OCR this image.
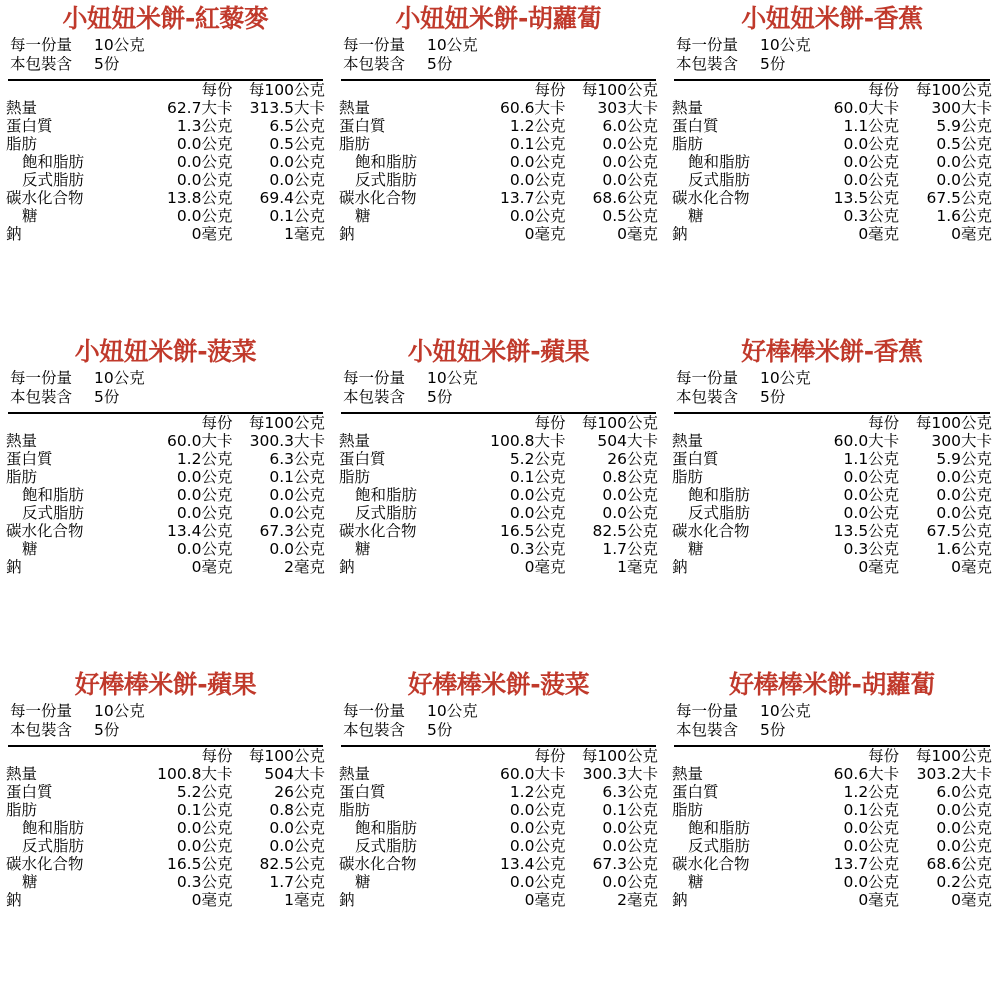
小妞妞米餅-紅藜麥
每一份量	10公克
本包裝含	5份
	每份	每100公克
熱量	62.7大卡	313.5大卡
蛋白質	1.3公克	6.5公克
脂肪	0.0公克	0.5公克
飽和脂肪	0.0公克	0.0公克
反式脂肪	0.0公克	0.0公克
碳水化合物	13.8公克	69.4公克
糖	0.0公克	0.1公克
鈉	0毫克	1毫克
小妞妞米餅-胡蘿蔔
每一份量	10公克
本包裝含	5份
	每份	每100公克
熱量	60.6大卡	303大卡
蛋白質	1.2公克	6.0公克
脂肪	0.1公克	0.0公克
飽和脂肪	0.0公克	0.0公克
反式脂肪	0.0公克	0.0公克
碳水化合物	13.7公克	68.6公克
糖	0.0公克	0.5公克
鈉	0毫克	0毫克
小妞妞米餅-香蕉
每一份量	10公克
本包裝含	5份
	每份	每100公克
熱量	60.0大卡	300大卡
蛋白質	1.1公克	5.9公克
脂肪	0.0公克	0.5公克
飽和脂肪	0.0公克	0.0公克
反式脂肪	0.0公克	0.0公克
碳水化合物	13.5公克	67.5公克
糖	0.3公克	1.6公克
鈉	0毫克	0毫克
小妞妞米餅-菠菜
每一份量	10公克
本包裝含	5份
	每份	每100公克
熱量	60.0大卡	300.3大卡
蛋白質	1.2公克	6.3公克
脂肪	0.0公克	0.1公克
飽和脂肪	0.0公克	0.0公克
反式脂肪	0.0公克	0.0公克
碳水化合物	13.4公克	67.3公克
糖	0.0公克	0.0公克
鈉	0毫克	2毫克
小妞妞米餅-蘋果
每一份量	10公克
本包裝含	5份
	每份	每100公克
熱量	100.8大卡	504大卡
蛋白質	5.2公克	26公克
脂肪	0.1公克	0.8公克
飽和脂肪	0.0公克	0.0公克
反式脂肪	0.0公克	0.0公克
碳水化合物	16.5公克	82.5公克
糖	0.3公克	1.7公克
鈉	0毫克	1毫克
好棒棒米餅-香蕉
每一份量	10公克
本包裝含	5份
	每份	每100公克
熱量	60.0大卡	300大卡
蛋白質	1.1公克	5.9公克
脂肪	0.0公克	0.0公克
飽和脂肪	0.0公克	0.0公克
反式脂肪	0.0公克	0.0公克
碳水化合物	13.5公克	67.5公克
糖	0.3公克	1.6公克
鈉	0毫克	0毫克
好棒棒米餅-蘋果
每一份量	10公克
本包裝含	5份
	每份	每100公克
熱量	100.8大卡	504大卡
蛋白質	5.2公克	26公克
脂肪	0.1公克	0.8公克
飽和脂肪	0.0公克	0.0公克
反式脂肪	0.0公克	0.0公克
碳水化合物	16.5公克	82.5公克
糖	0.3公克	1.7公克
鈉	0毫克	1毫克
好棒棒米餅-菠菜
每一份量	10公克
本包裝含	5份
	每份	每100公克
熱量	60.0大卡	300.3大卡
蛋白質	1.2公克	6.3公克
脂肪	0.0公克	0.1公克
飽和脂肪	0.0公克	0.0公克
反式脂肪	0.0公克	0.0公克
碳水化合物	13.4公克	67.3公克
糖	0.0公克	0.0公克
鈉	0毫克	2毫克
好棒棒米餅-胡蘿蔔
每一份量	10公克
本包裝含	5份
	每份	每100公克
熱量	60.6大卡	303.2大卡
蛋白質	1.2公克	6.0公克
脂肪	0.1公克	0.0公克
飽和脂肪	0.0公克	0.0公克
反式脂肪	0.0公克	0.0公克
碳水化合物	13.7公克	68.6公克
糖	0.0公克	0.2公克
鈉	0毫克	0毫克
